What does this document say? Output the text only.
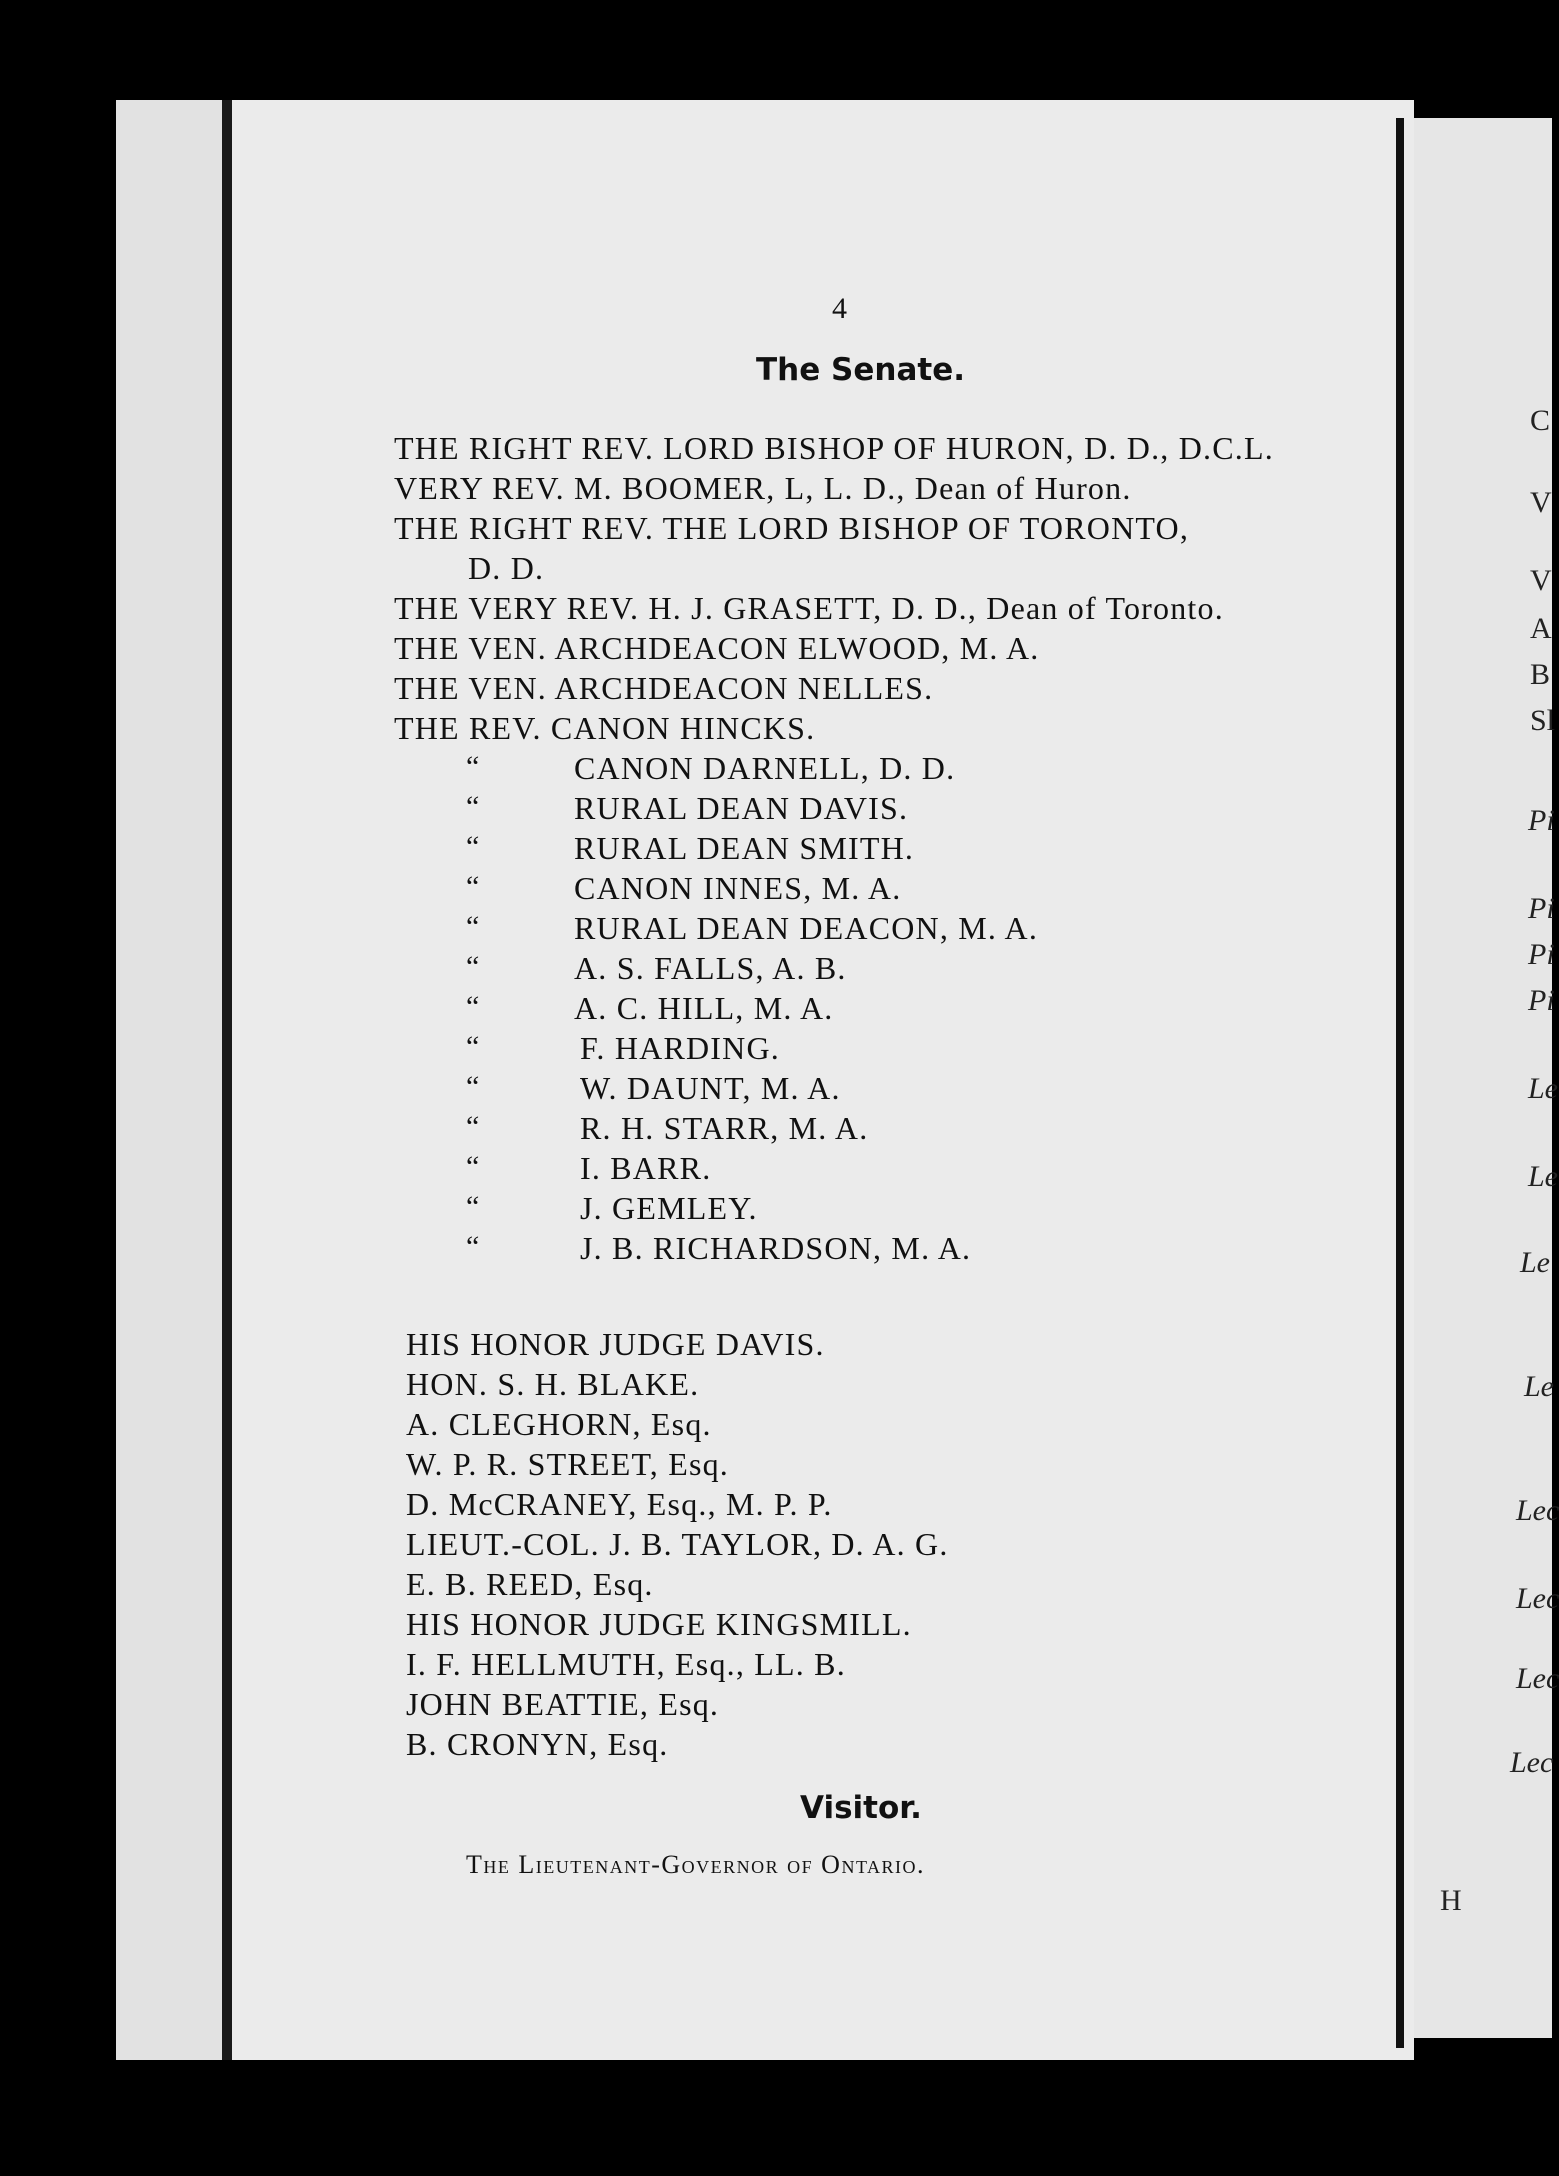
4
The Senate.
THE RIGHT REV. LORD BISHOP OF HURON, D. D., D.C.L.
VERY REV. M. BOOMER, L, L. D., Dean of Huron.
THE RIGHT REV. THE LORD BISHOP OF TORONTO,
D. D.
THE VERY REV. H. J. GRASETT, D. D., Dean of Toronto.
THE VEN. ARCHDEACON ELWOOD, M. A.
THE VEN. ARCHDEACON NELLES.
THE REV. CANON HINCKS.
“	CANON DARNELL, D. D.
“	RURAL DEAN DAVIS.
“	RURAL DEAN SMITH.
“	CANON INNES, M. A.
“	RURAL DEAN DEACON, M. A.
“	A. S. FALLS, A. B.
“	A. C. HILL, M. A.
“	F. HARDING.
“	W. DAUNT, M. A.
“	R. H. STARR, M. A.
“	I. BARR.
“	J. GEMLEY.
“	J. B. RICHARDSON, M. A.
HIS HONOR JUDGE DAVIS.
HON. S. H. BLAKE.
A. CLEGHORN, Esq.
W. P. R. STREET, Esq.
D. McCRANEY, Esq., M. P. P.
LIEUT.-COL. J. B. TAYLOR, D. A. G.
E. B. REED, Esq.
HIS HONOR JUDGE KINGSMILL.
I. F. HELLMUTH, Esq., LL. B.
JOHN BEATTIE, Esq.
B. CRONYN, Esq.
Visitor.
The Lieutenant-Governor of Ontario.
C
V
V
A
B
Sl
Pi
Pi
Pi
Pi
Le
Le
Le
Le
Lec
Lec
Lec
Lec
H
